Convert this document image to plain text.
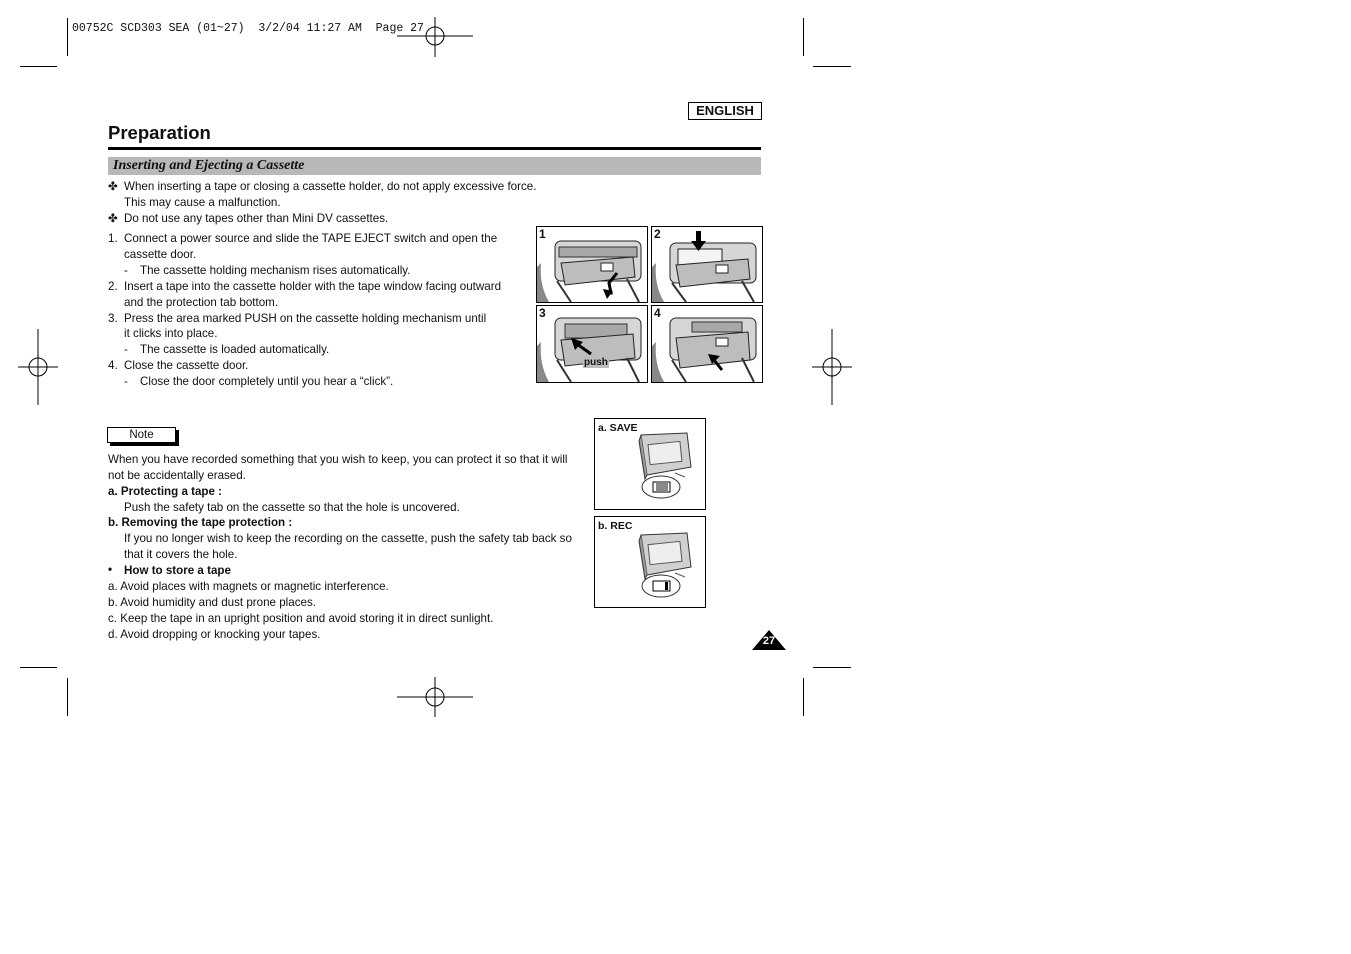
00752C SCD303 SEA (01~27)  3/2/04 11:27 AM  Page 27
ENGLISH
Preparation
Inserting and Ejecting a Cassette
✤ When inserting a tape or closing a cassette holder, do not apply excessive force.
This may cause a malfunction.
✤ Do not use any tapes other than Mini DV cassettes.
1. Connect a power source and slide the TAPE EJECT switch and open the
cassette door.
- The cassette holding mechanism rises automatically.
2. Insert a tape into the cassette holder with the tape window facing outward
and the protection tab bottom.
3. Press the area marked PUSH on the cassette holding mechanism until
it clicks into place.
- The cassette is loaded automatically.
4. Close the cassette door.
- Close the door completely until you hear a “click”.
1	2
3
push
4
Note
When you have recorded something that you wish to keep, you can protect it so that it will
not be accidentally erased.
a. Protecting a tape :
Push the safety tab on the cassette so that the hole is uncovered.
b. Removing the tape protection :
If you no longer wish to keep the recording on the cassette, push the safety tab back so
that it covers the hole.
• How to store a tape
a. Avoid places with magnets or magnetic interference.
b. Avoid humidity and dust prone places.
c. Keep the tape in an upright position and avoid storing it in direct sunlight.
d. Avoid dropping or knocking your tapes.
a. SAVE
b. REC
27
